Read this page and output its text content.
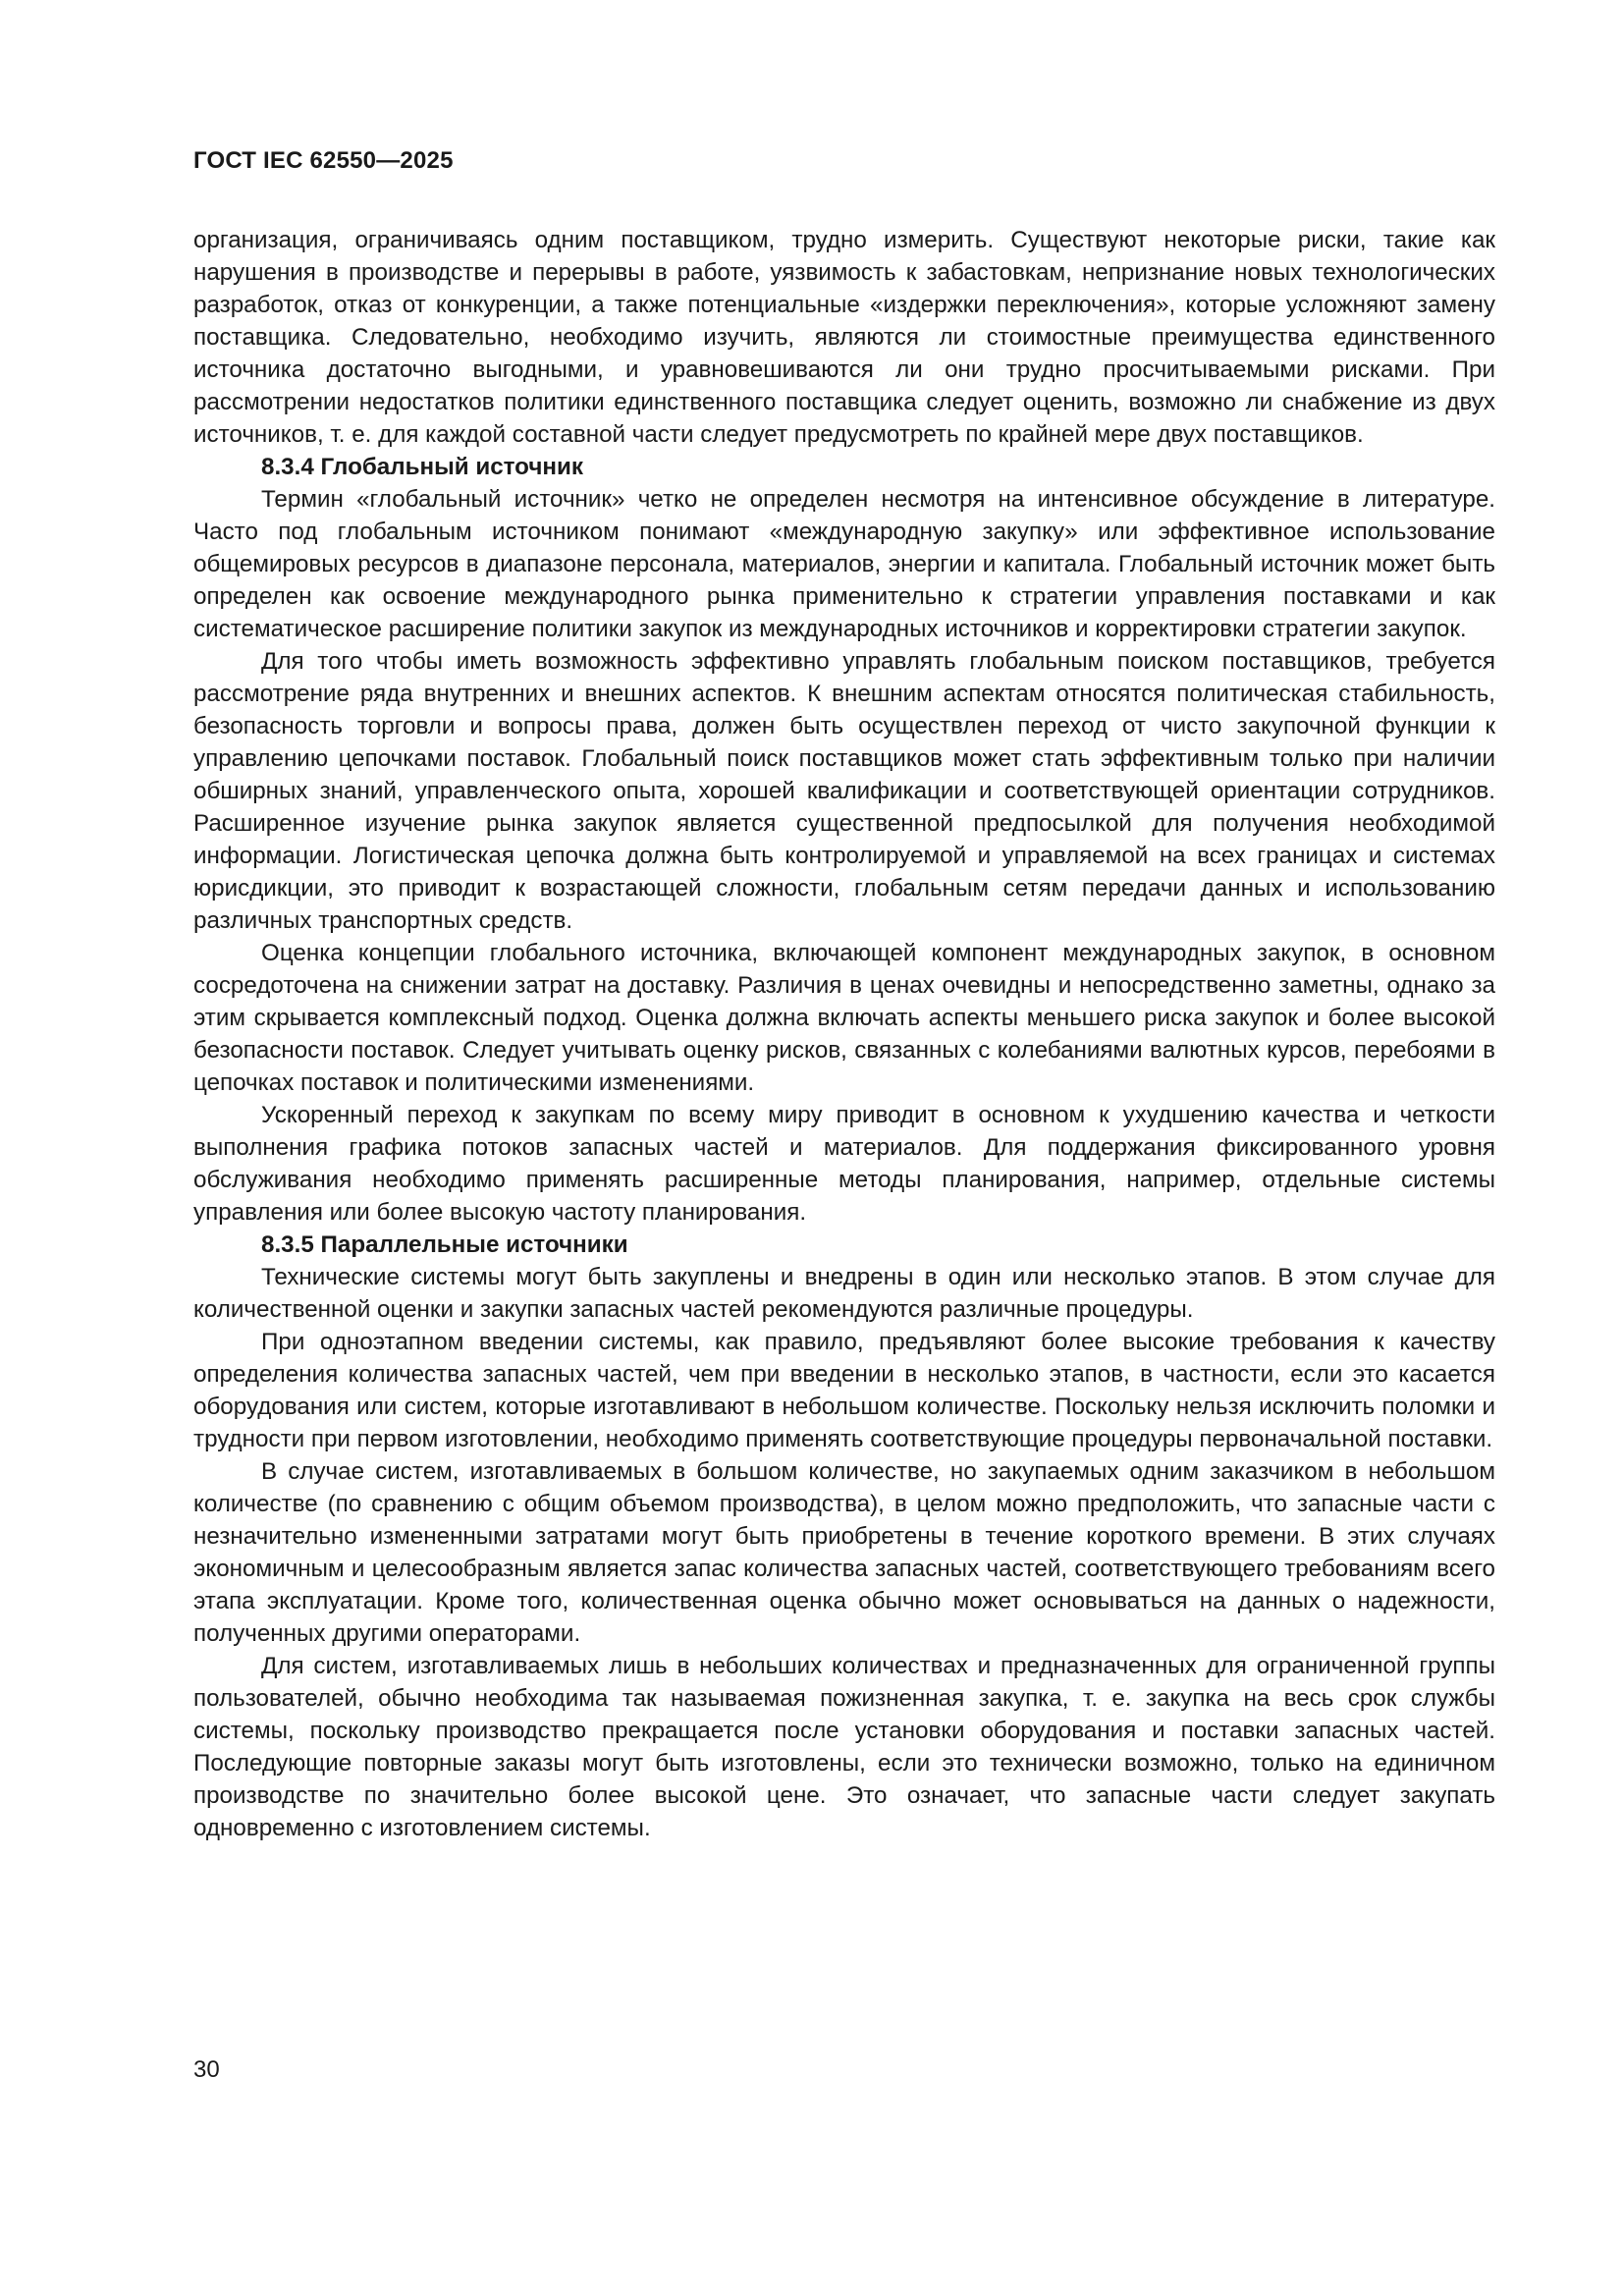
ГОСТ IEC 62550—2025

организация, ограничиваясь одним поставщиком, трудно измерить. Существуют некоторые риски, такие как нарушения в производстве и перерывы в работе, уязвимость к забастовкам, непризнание новых технологических разработок, отказ от конкуренции, а также потенциальные «издержки переключения», которые усложняют замену поставщика. Следовательно, необходимо изучить, являются ли стоимостные преимущества единственного источника достаточно выгодными, и уравновешиваются ли они трудно просчитываемыми рисками. При рассмотрении недостатков политики единственного поставщика следует оценить, возможно ли снабжение из двух источников, т. е. для каждой составной части следует предусмотреть по крайней мере двух поставщиков.

8.3.4 Глобальный источник

Термин «глобальный источник» четко не определен несмотря на интенсивное обсуждение в литературе. Часто под глобальным источником понимают «международную закупку» или эффективное использование общемировых ресурсов в диапазоне персонала, материалов, энергии и капитала. Глобальный источник может быть определен как освоение международного рынка применительно к стратегии управления поставками и как систематическое расширение политики закупок из международных источников и корректировки стратегии закупок.

Для того чтобы иметь возможность эффективно управлять глобальным поиском поставщиков, требуется рассмотрение ряда внутренних и внешних аспектов. К внешним аспектам относятся политическая стабильность, безопасность торговли и вопросы права, должен быть осуществлен переход от чисто закупочной функции к управлению цепочками поставок. Глобальный поиск поставщиков может стать эффективным только при наличии обширных знаний, управленческого опыта, хорошей квалификации и соответствующей ориентации сотрудников. Расширенное изучение рынка закупок является существенной предпосылкой для получения необходимой информации. Логистическая цепочка должна быть контролируемой и управляемой на всех границах и системах юрисдикции, это приводит к возрастающей сложности, глобальным сетям передачи данных и использованию различных транспортных средств.

Оценка концепции глобального источника, включающей компонент международных закупок, в основном сосредоточена на снижении затрат на доставку. Различия в ценах очевидны и непосредственно заметны, однако за этим скрывается комплексный подход. Оценка должна включать аспекты меньшего риска закупок и более высокой безопасности поставок. Следует учитывать оценку рисков, связанных с колебаниями валютных курсов, перебоями в цепочках поставок и политическими изменениями.

Ускоренный переход к закупкам по всему миру приводит в основном к ухудшению качества и четкости выполнения графика потоков запасных частей и материалов. Для поддержания фиксированного уровня обслуживания необходимо применять расширенные методы планирования, например, отдельные системы управления или более высокую частоту планирования.

8.3.5 Параллельные источники

Технические системы могут быть закуплены и внедрены в один или несколько этапов. В этом случае для количественной оценки и закупки запасных частей рекомендуются различные процедуры.

При одноэтапном введении системы, как правило, предъявляют более высокие требования к качеству определения количества запасных частей, чем при введении в несколько этапов, в частности, если это касается оборудования или систем, которые изготавливают в небольшом количестве. Поскольку нельзя исключить поломки и трудности при первом изготовлении, необходимо применять соответствующие процедуры первоначальной поставки.

В случае систем, изготавливаемых в большом количестве, но закупаемых одним заказчиком в небольшом количестве (по сравнению с общим объемом производства), в целом можно предположить, что запасные части с незначительно измененными затратами могут быть приобретены в течение короткого времени. В этих случаях экономичным и целесообразным является запас количества запасных частей, соответствующего требованиям всего этапа эксплуатации. Кроме того, количественная оценка обычно может основываться на данных о надежности, полученных другими операторами.

Для систем, изготавливаемых лишь в небольших количествах и предназначенных для ограниченной группы пользователей, обычно необходима так называемая пожизненная закупка, т. е. закупка на весь срок службы системы, поскольку производство прекращается после установки оборудования и поставки запасных частей. Последующие повторные заказы могут быть изготовлены, если это технически возможно, только на единичном производстве по значительно более высокой цене. Это означает, что запасные части следует закупать одновременно с изготовлением системы.

30
